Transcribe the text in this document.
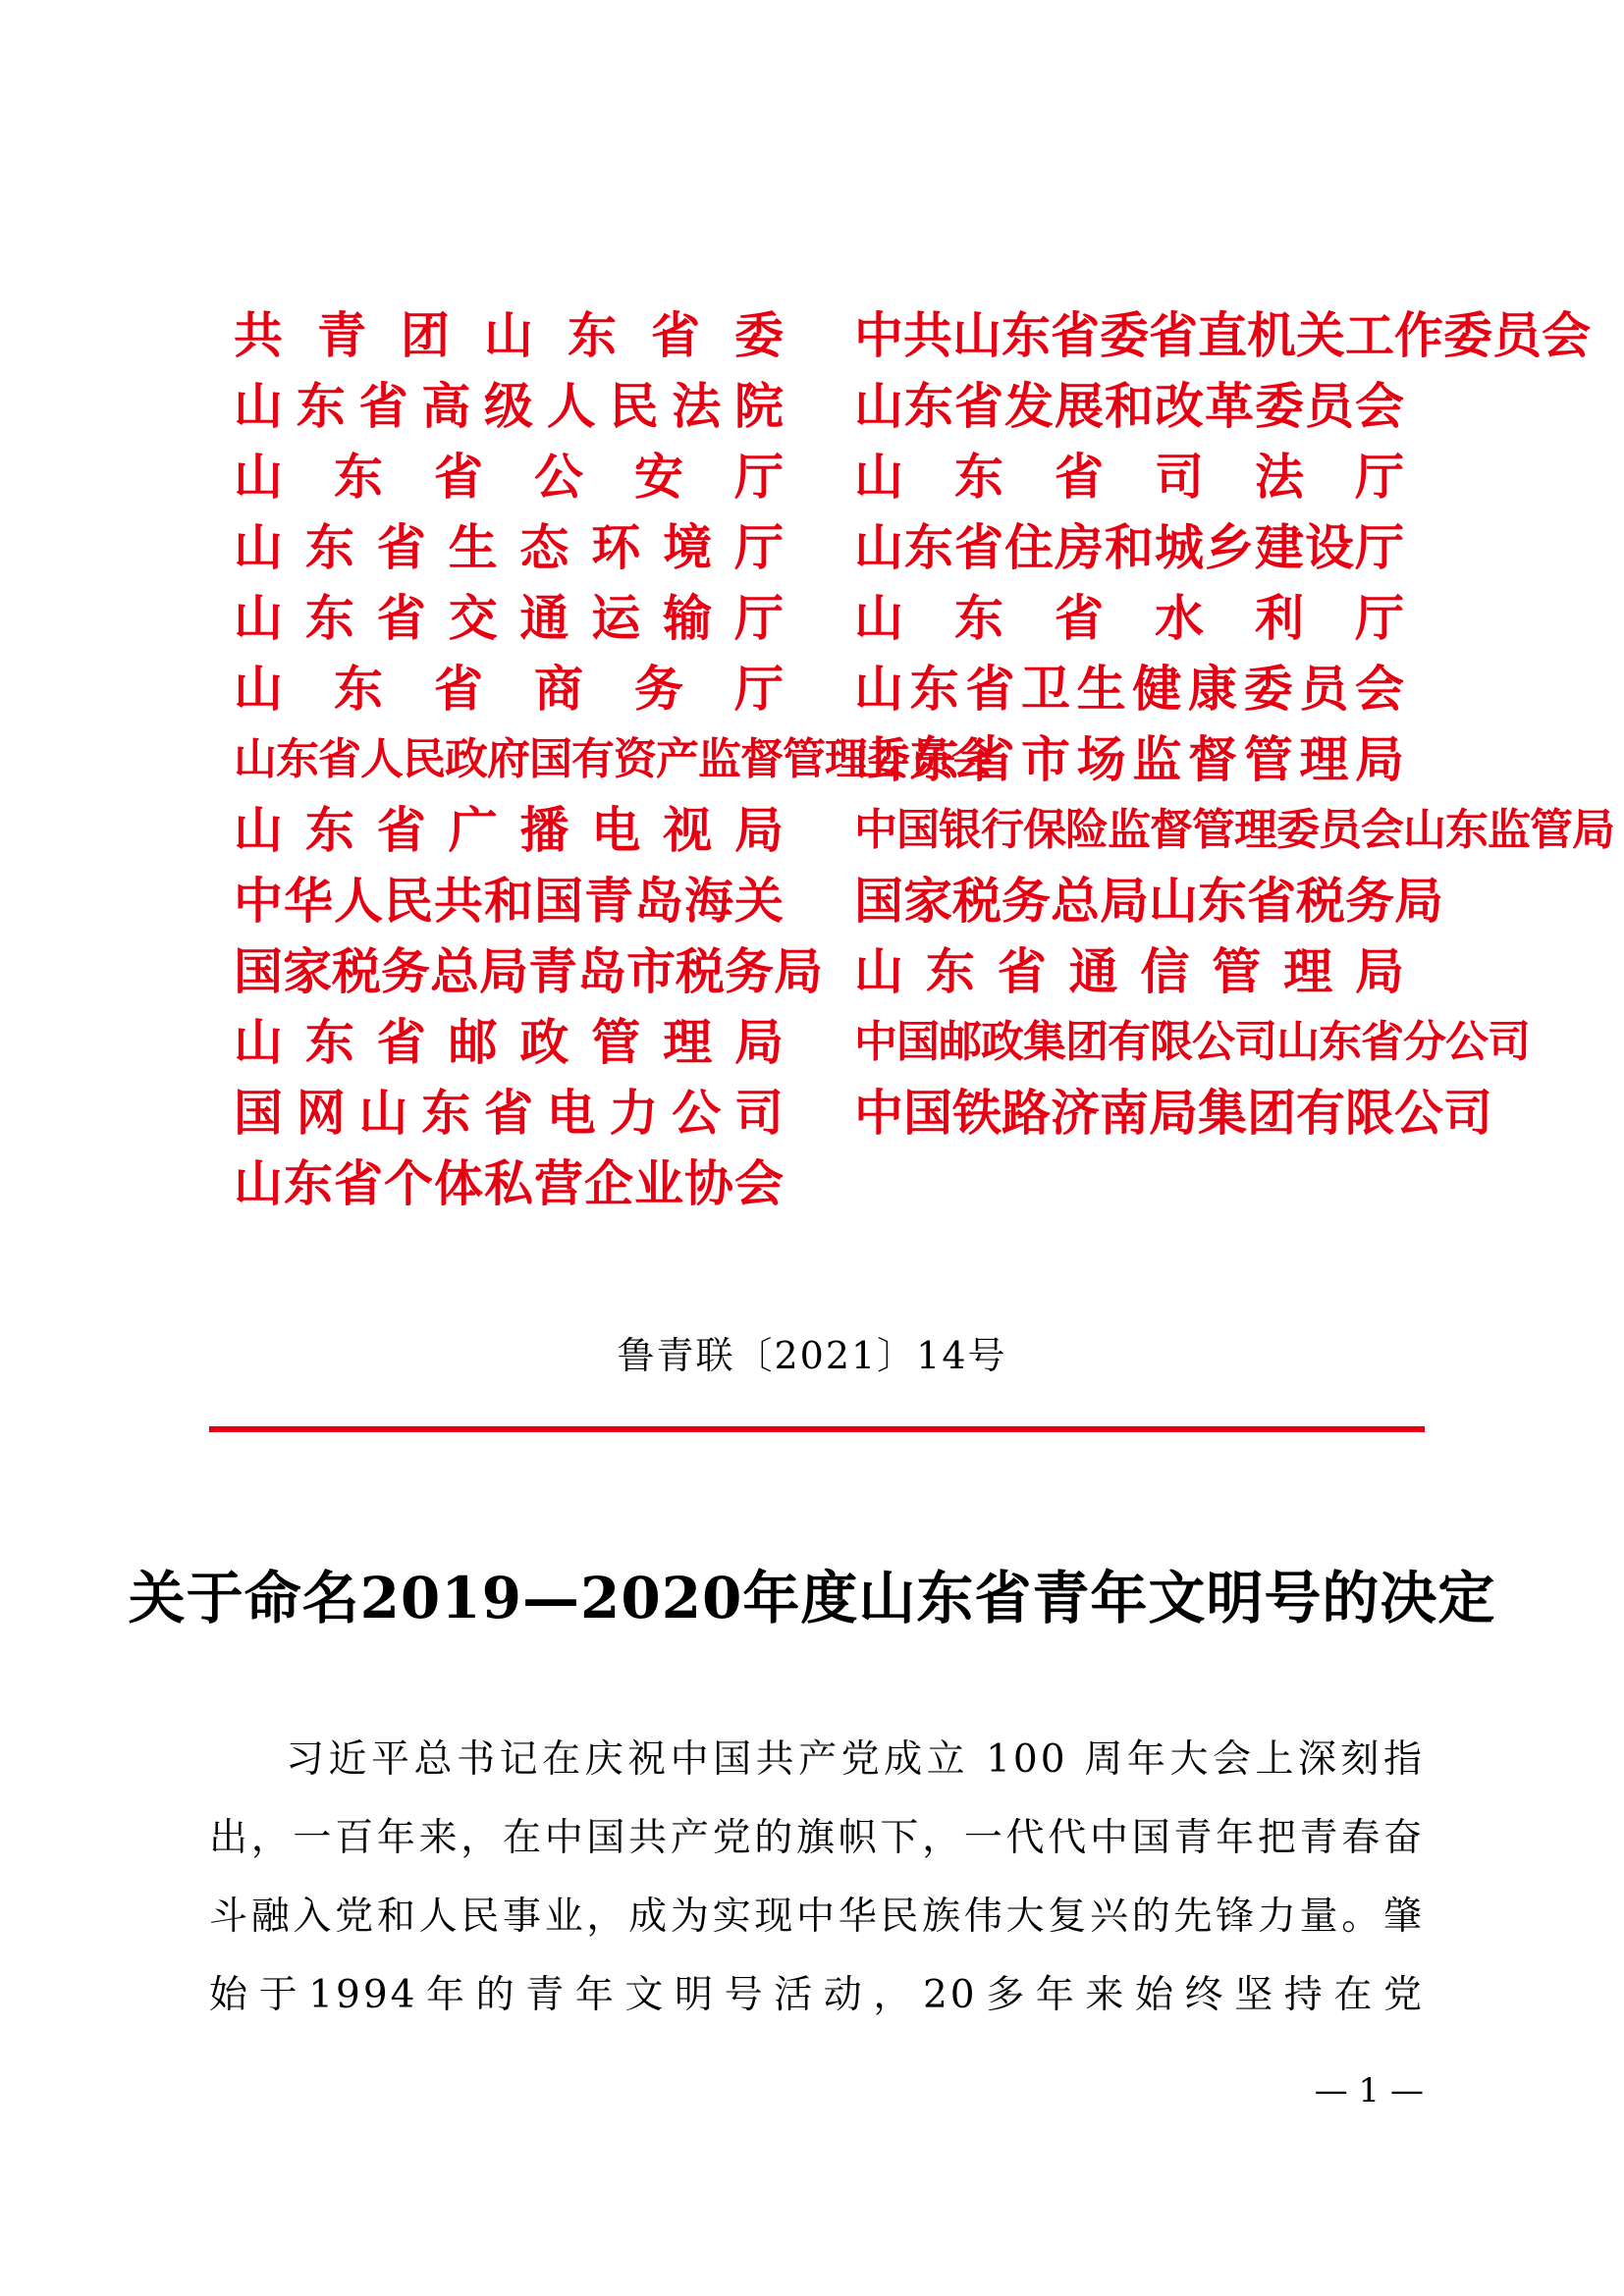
共青团山东省委
山东省高级人民法院
山东省公安厅
山东省生态环境厅
山东省交通运输厅
山东省商务厅
山东省人民政府国有资产监督管理委员会
山东省广播电视局
中华人民共和国青岛海关
国家税务总局青岛市税务局
山东省邮政管理局
国网山东省电力公司
山东省个体私营企业协会
中共山东省委省直机关工作委员会
山东省发展和改革委员会
山东省司法厅
山东省住房和城乡建设厅
山东省水利厅
山东省卫生健康委员会
山东省市场监督管理局
中国银行保险监督管理委员会山东监管局
国家税务总局山东省税务局
山东省通信管理局
中国邮政集团有限公司山东省分公司
中国铁路济南局集团有限公司
鲁青联〔2021〕14号
关于命名2019—2020年度山东省青年文明号的决定
习近平总书记在庆祝中国共产党成立 100 周年大会上深刻指出，一百年来，在中国共产党的旗帜下，一代代中国青年把青春奋斗融入党和人民事业，成为实现中华民族伟大复兴的先锋力量。肇始于1994年的青年文明号活动，20多年来始终坚持在党
— 1 —
